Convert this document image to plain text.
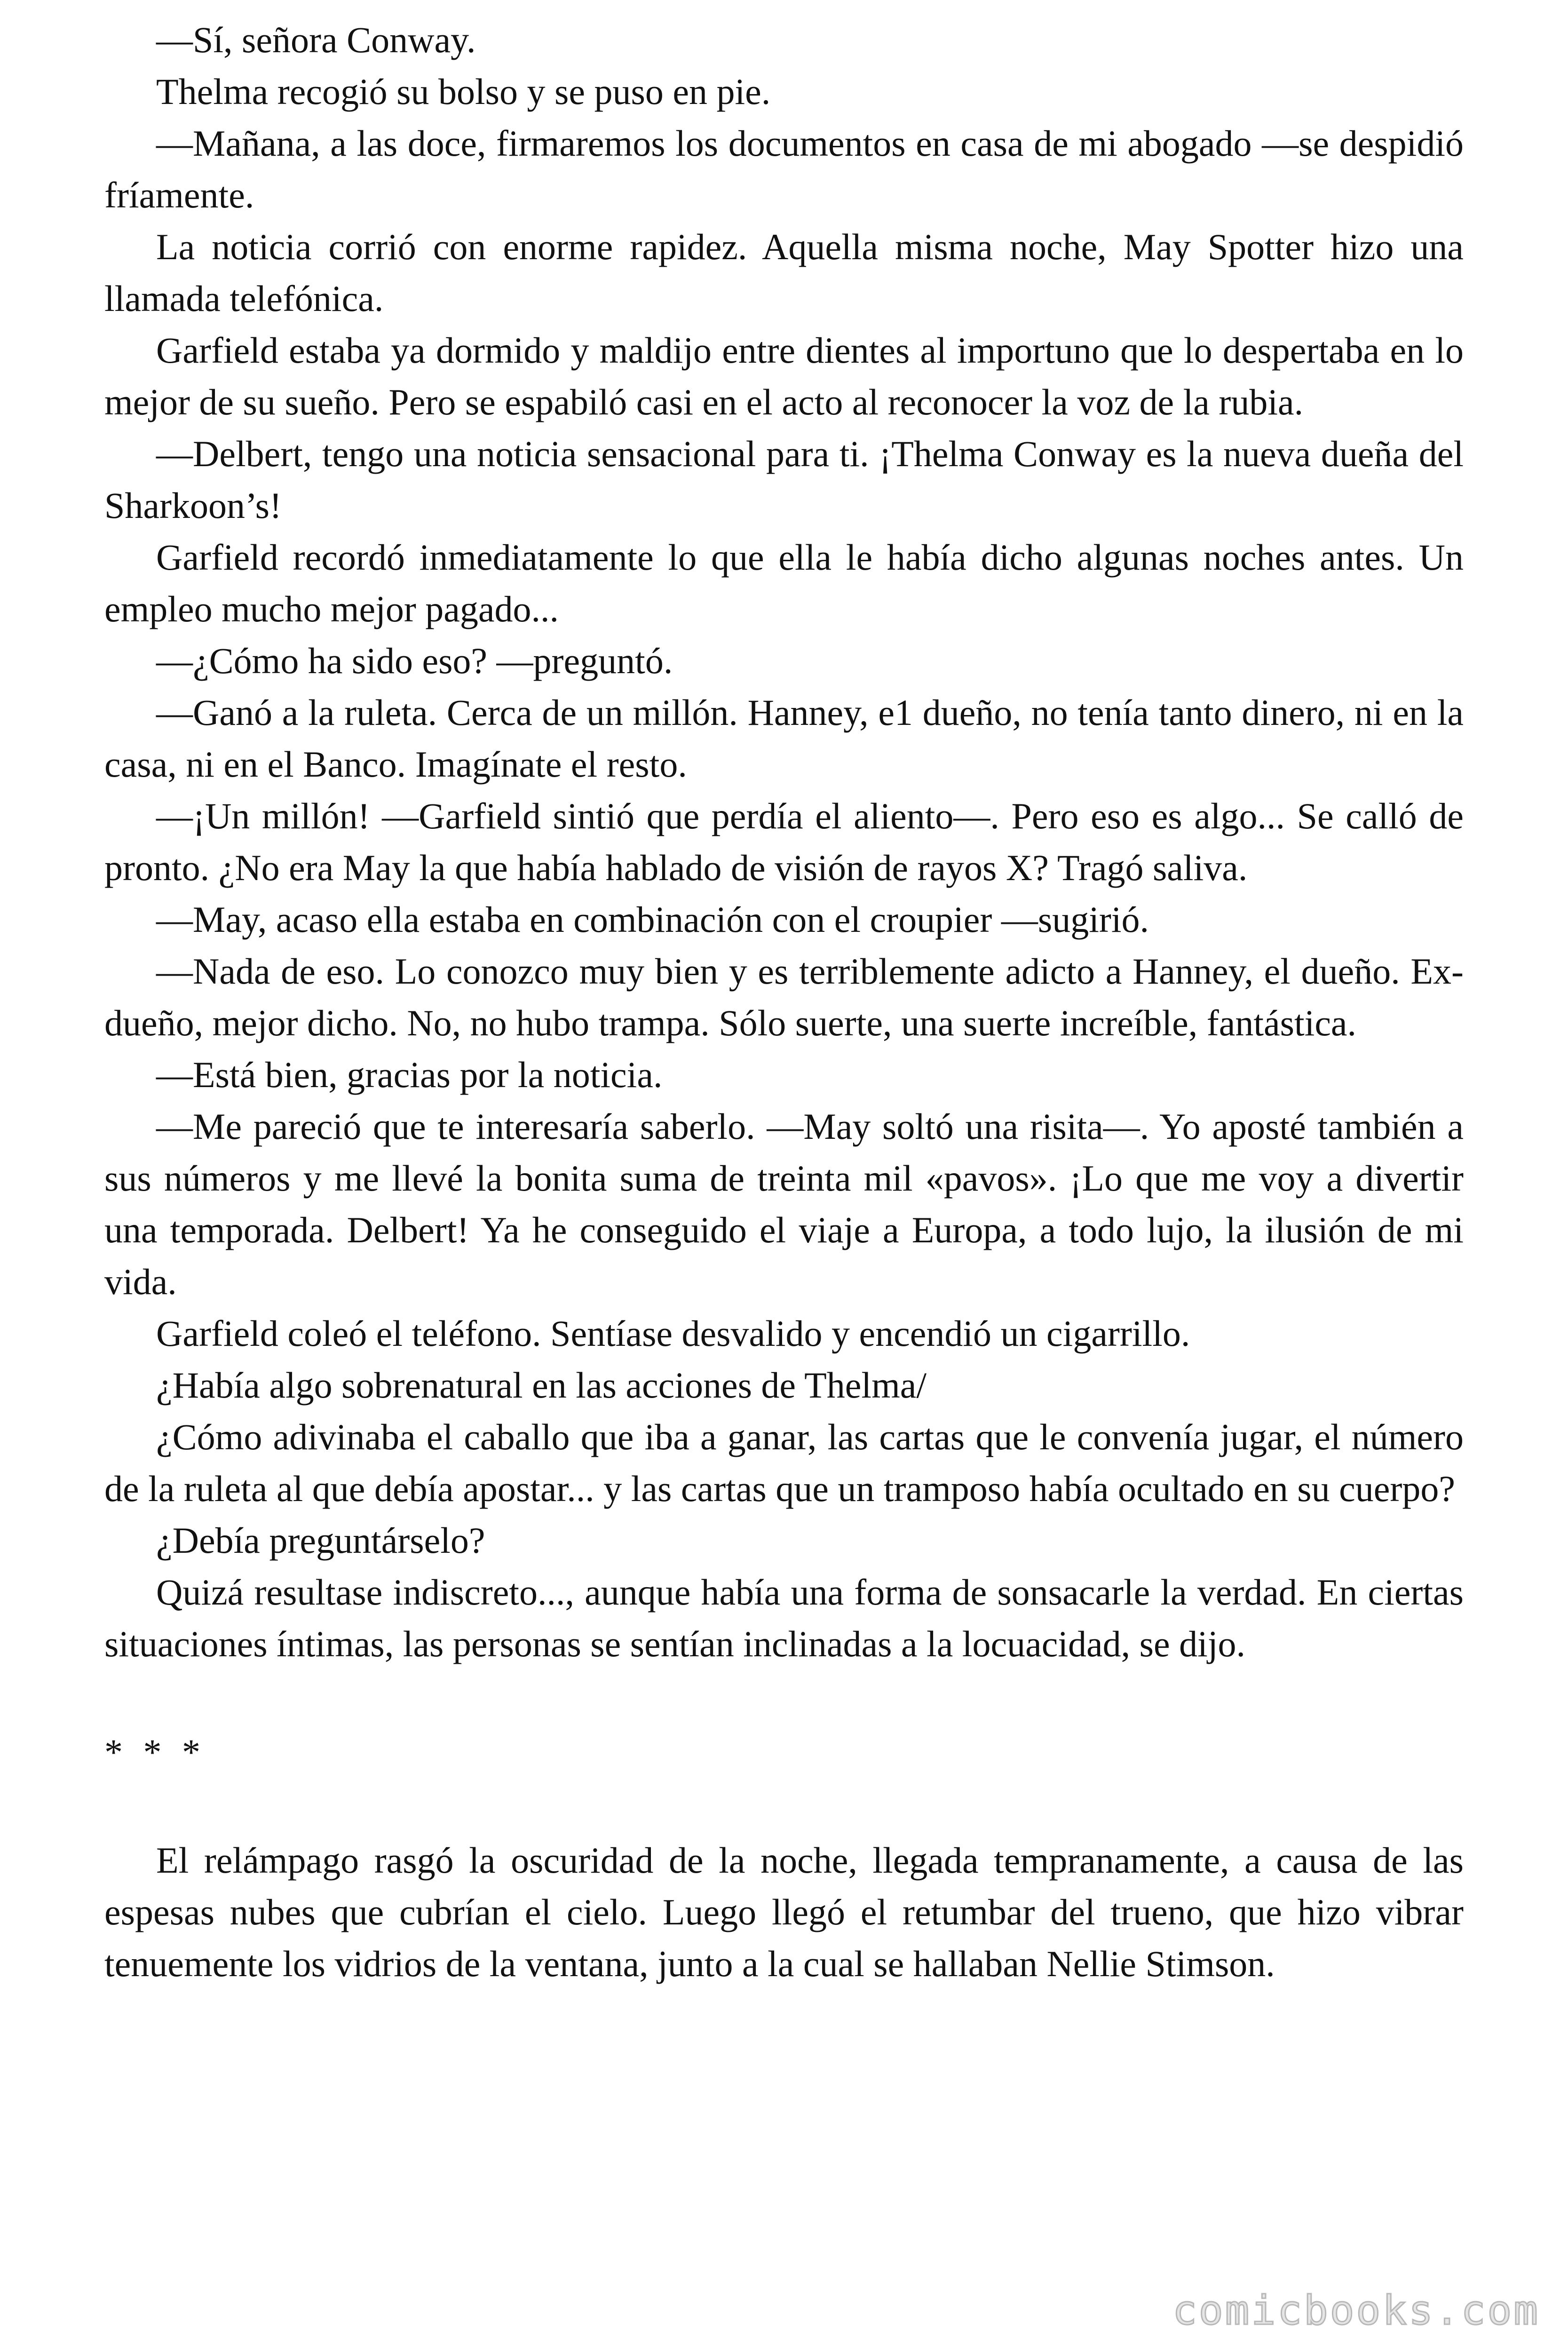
—Sí, señora Conway.

Thelma recogió su bolso y se puso en pie.

—Mañana, a las doce, firmaremos los documentos en casa de mi abogado —se despidió fríamente.

La noticia corrió con enorme rapidez. Aquella misma noche, May Spotter hizo una llamada telefónica.

Garfield estaba ya dormido y maldijo entre dientes al importuno que lo despertaba en lo mejor de su sueño. Pero se espabiló casi en el acto al reconocer la voz de la rubia.

—Delbert, tengo una noticia sensacional para ti. ¡Thelma Conway es la nueva dueña del Sharkoon’s!

Garfield recordó inmediatamente lo que ella le había dicho algunas noches antes. Un empleo mucho mejor pagado...

—¿Cómo ha sido eso? —preguntó.

—Ganó a la ruleta. Cerca de un millón. Hanney, e1 dueño, no tenía tanto dinero, ni en la casa, ni en el Banco. Imagínate el resto.

—¡Un millón! —Garfield sintió que perdía el aliento—. Pero eso es algo... Se calló de pronto. ¿No era May la que había hablado de visión de rayos X? Tragó saliva.

—May, acaso ella estaba en combinación con el croupier —sugirió.

—Nada de eso. Lo conozco muy bien y es terriblemente adicto a Hanney, el dueño. Ex-dueño, mejor dicho. No, no hubo trampa. Sólo suerte, una suerte increíble, fantástica.

—Está bien, gracias por la noticia.

—Me pareció que te interesaría saberlo. —May soltó una risita—. Yo aposté también a sus números y me llevé la bonita suma de treinta mil «pavos». ¡Lo que me voy a divertir una temporada. Delbert! Ya he conseguido el viaje a Europa, a todo lujo, la ilusión de mi vida.

Garfield coleó el teléfono. Sentíase desvalido y encendió un cigarrillo.

¿Había algo sobrenatural en las acciones de Thelma/

¿Cómo adivinaba el caballo que iba a ganar, las cartas que le convenía jugar, el número de la ruleta al que debía apostar... y las cartas que un tramposo había ocultado en su cuerpo?

¿Debía preguntárselo?

Quizá resultase indiscreto..., aunque había una forma de sonsacarle la verdad. En ciertas situaciones íntimas, las personas se sentían inclinadas a la locuacidad, se dijo.

* * *

El relámpago rasgó la oscuridad de la noche, llegada tempranamente, a causa de las espesas nubes que cubrían el cielo. Luego llegó el retumbar del trueno, que hizo vibrar tenuemente los vidrios de la ventana, junto a la cual se hallaban Nellie Stimson.

comicbooks.com
